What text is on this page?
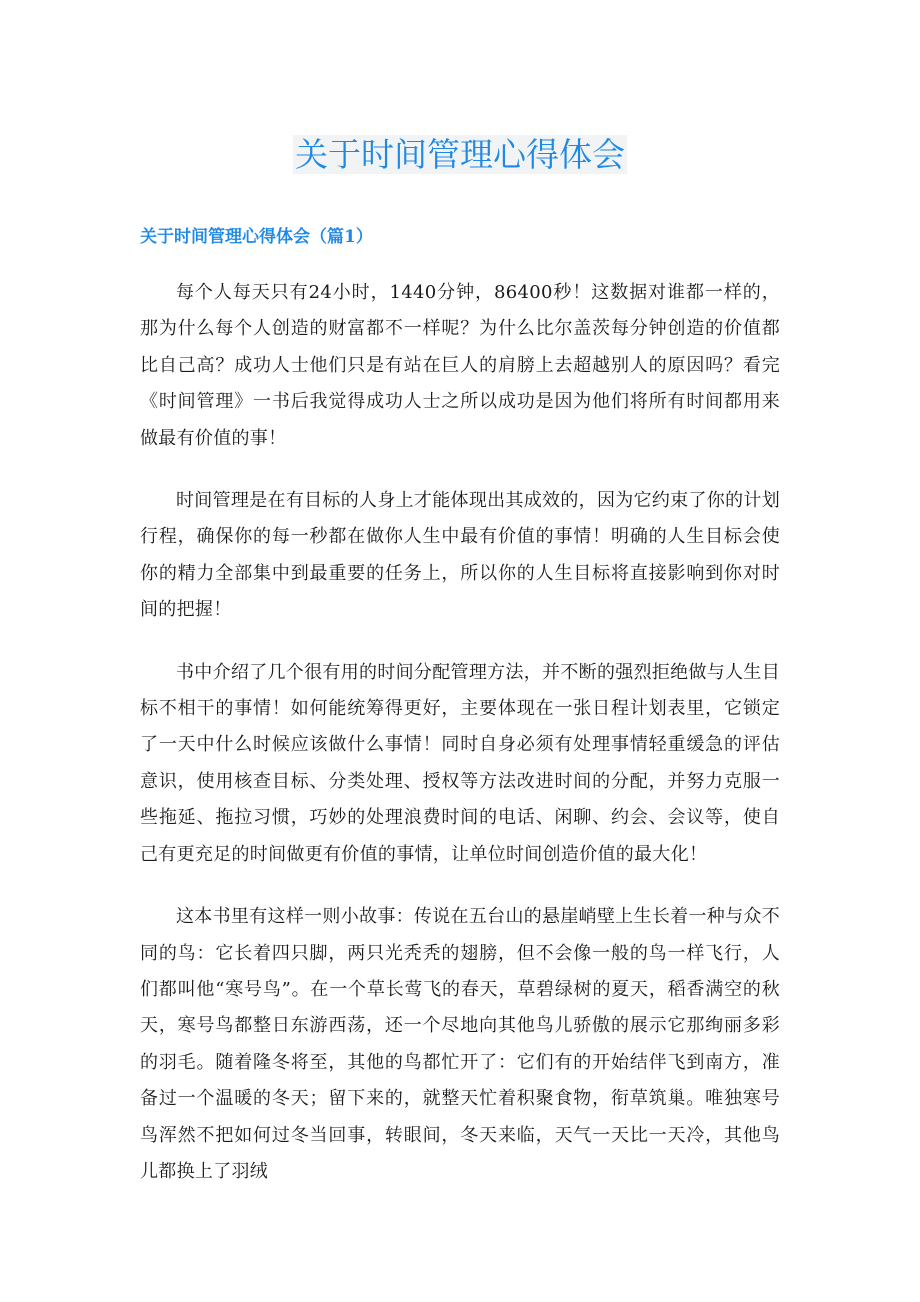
关于时间管理心得体会
关于时间管理心得体会（篇1）

每个人每天只有24小时，1440分钟，86400秒！这数据对谁都一样的，那为什么每个人创造的财富都不一样呢？为什么比尔盖茨每分钟创造的价值都比自己高？成功人士他们只是有站在巨人的肩膀上去超越别人的原因吗？看完《时间管理》一书后我觉得成功人士之所以成功是因为他们将所有时间都用来做最有价值的事！

时间管理是在有目标的人身上才能体现出其成效的，因为它约束了你的计划行程，确保你的每一秒都在做你人生中最有价值的事情！明确的人生目标会使你的精力全部集中到最重要的任务上，所以你的人生目标将直接影响到你对时间的把握！

书中介绍了几个很有用的时间分配管理方法，并不断的强烈拒绝做与人生目标不相干的事情！如何能统筹得更好，主要体现在一张日程计划表里，它锁定了一天中什么时候应该做什么事情！同时自身必须有处理事情轻重缓急的评估意识，使用核查目标、分类处理、授权等方法改进时间的分配，并努力克服一些拖延、拖拉习惯，巧妙的处理浪费时间的电话、闲聊、约会、会议等，使自己有更充足的时间做更有价值的事情，让单位时间创造价值的最大化！

这本书里有这样一则小故事：传说在五台山的悬崖峭壁上生长着一种与众不同的鸟：它长着四只脚，两只光秃秃的翅膀，但不会像一般的鸟一样飞行，人们都叫他“寒号鸟”。在一个草长莺飞的春天，草碧绿树的夏天，稻香满空的秋天，寒号鸟都整日东游西荡，还一个尽地向其他鸟儿骄傲的展示它那绚丽多彩的羽毛。随着隆冬将至，其他的鸟都忙开了：它们有的开始结伴飞到南方，准备过一个温暖的冬天；留下来的，就整天忙着积聚食物，衔草筑巢。唯独寒号鸟浑然不把如何过冬当回事，转眼间，冬天来临，天气一天比一天冷，其他鸟儿都换上了羽绒
